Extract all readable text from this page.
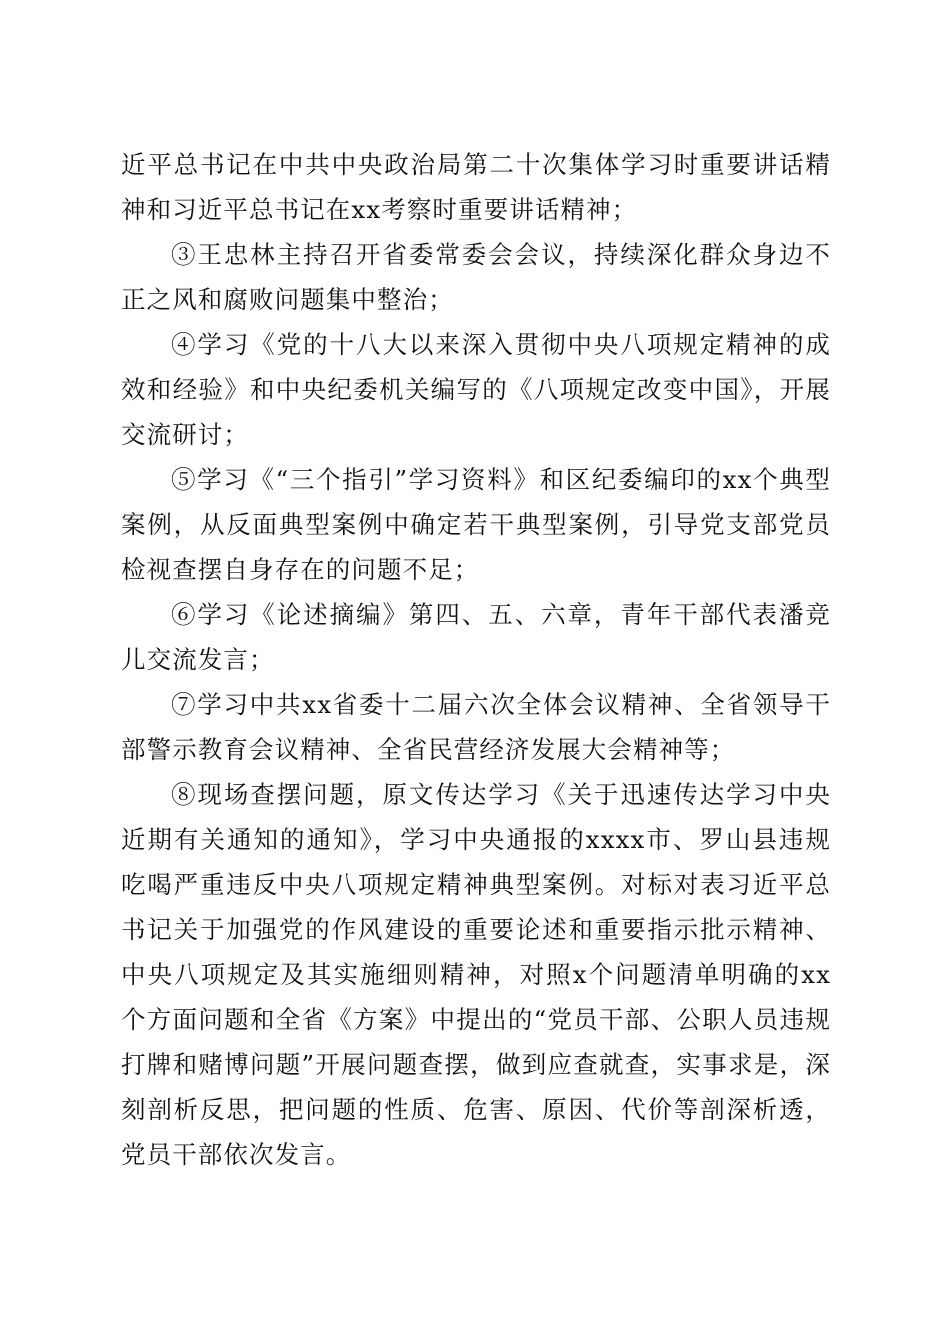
近平总书记在中共中央政治局第二十次集体学习时重要讲话精神和习近平总书记在xx考察时重要讲话精神；

③王忠林主持召开省委常委会会议，持续深化群众身边不正之风和腐败问题集中整治；

④学习《党的十八大以来深入贯彻中央八项规定精神的成效和经验》和中央纪委机关编写的《八项规定改变中国》，开展交流研讨；

⑤学习《“三个指引”学习资料》和区纪委编印的xx个典型案例，从反面典型案例中确定若干典型案例，引导党支部党员检视查摆自身存在的问题不足；

⑥学习《论述摘编》第四、五、六章，青年干部代表潘竞儿交流发言；

⑦学习中共xx省委十二届六次全体会议精神、全省领导干部警示教育会议精神、全省民营经济发展大会精神等；

⑧现场查摆问题，原文传达学习《关于迅速传达学习中央近期有关通知的通知》，学习中央通报的xxxx市、罗山县违规吃喝严重违反中央八项规定精神典型案例。对标对表习近平总书记关于加强党的作风建设的重要论述和重要指示批示精神、中央八项规定及其实施细则精神，对照x个问题清单明确的xx个方面问题和全省《方案》中提出的“党员干部、公职人员违规打牌和赌博问题”开展问题查摆，做到应查就查，实事求是，深刻剖析反思，把问题的性质、危害、原因、代价等剖深析透，党员干部依次发言。
